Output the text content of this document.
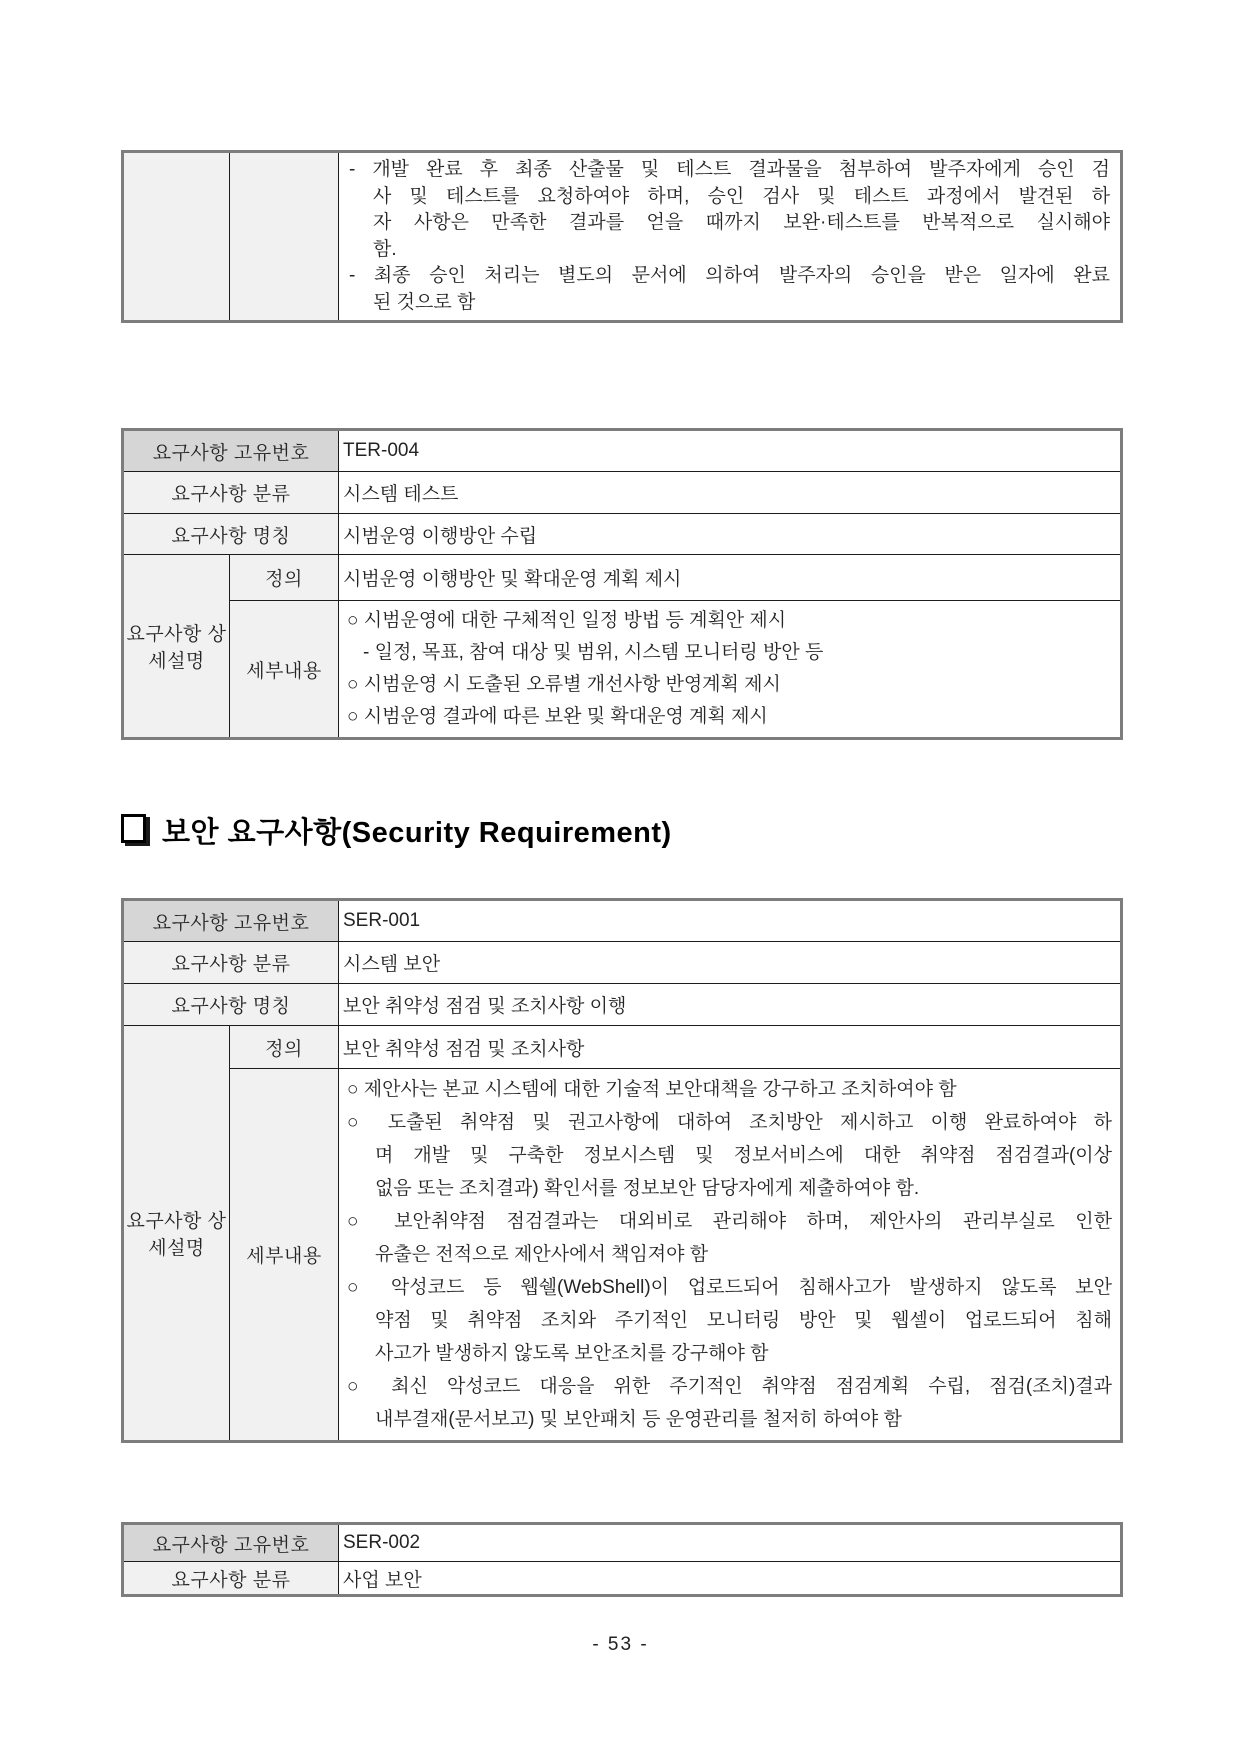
- 개발 완료 후 최종 산출물 및 테스트 결과물을 첨부하여 발주자에게 승인 검
사 및 테스트를 요청하여야 하며, 승인 검사 및 테스트 과정에서 발견된 하
자 사항은 만족한 결과를 얻을 때까지 보완·테스트를 반복적으로 실시해야
함.
- 최종 승인 처리는 별도의 문서에 의하여 발주자의 승인을 받은 일자에 완료
된 것으로 함
요구사항 고유번호		TER-004
요구사항 분류		시스템 테스트
요구사항 명칭		시범운영 이행방안 수립
요구사항 상세설명	정의	시범운영 이행방안 및 확대운영 계획 제시
	세부내용	○ 시범운영에 대한 구체적인 일정 방법 등 계획안 제시
- 일정, 목표, 참여 대상 및 범위, 시스템 모니터링 방안 등
○ 시범운영 시 도출된 오류별 개선사항 반영계획 제시
○ 시범운영 결과에 따른 보완 및 확대운영 계획 제시
보안 요구사항(Security Requirement)
요구사항 고유번호		SER-001
요구사항 분류		시스템 보안
요구사항 명칭		보안 취약성 점검 및 조치사항 이행
요구사항 상세설명	정의	보안 취약성 점검 및 조치사항
세부내용	
○ 제안사는 본교 시스템에 대한 기술적 보안대책을 강구하고 조치하여야 함
○ 도출된 취약점 및 권고사항에 대하여 조치방안 제시하고 이행 완료하여야 하
며 개발 및 구축한 정보시스템 및 정보서비스에 대한 취약점 점검결과(이상
없음 또는 조치결과) 확인서를 정보보안 담당자에게 제출하여야 함.
○ 보안취약점 점검결과는 대외비로 관리해야 하며, 제안사의 관리부실로 인한
유출은 전적으로 제안사에서 책임져야 함
○ 악성코드 등 웹쉘(WebShell)이 업로드되어 침해사고가 발생하지 않도록 보안
약점 및 취약점 조치와 주기적인 모니터링 방안 및 웹셀이 업로드되어 침해
사고가 발생하지 않도록 보안조치를 강구해야 함
○ 최신 악성코드 대응을 위한 주기적인 취약점 점검계획 수립, 점검(조치)결과
내부결재(문서보고) 및 보안패치 등 운영관리를 철저히 하여야 함
요구사항 고유번호	SER-002
요구사항 분류	사업 보안
- 53 -
